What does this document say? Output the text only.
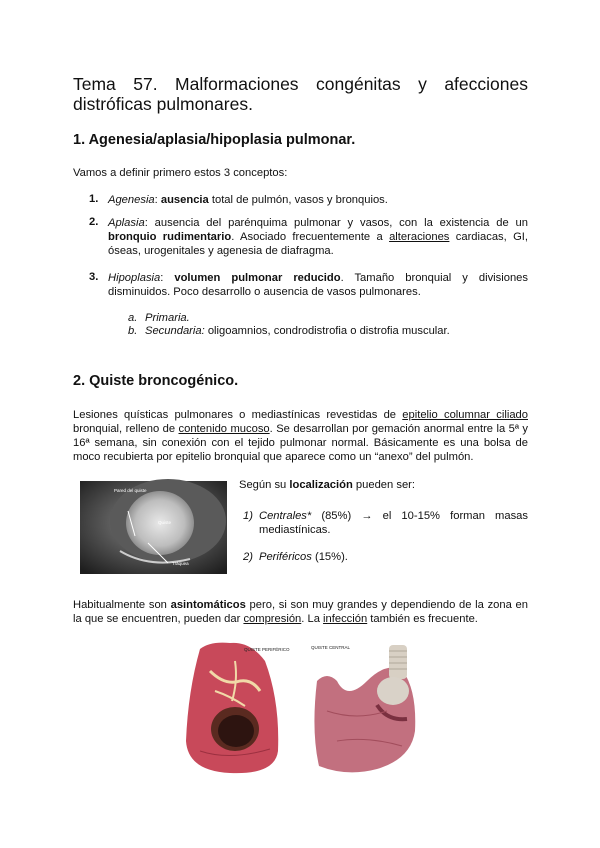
Tema 57. Malformaciones congénitas y afecciones distróficas pulmonares.
1. Agenesia/aplasia/hipoplasia pulmonar.
Vamos a definir primero estos 3 conceptos:
1. Agenesia: ausencia total de pulmón, vasos y bronquios.
2. Aplasia: ausencia del parénquima pulmonar y vasos, con la existencia de un bronquio rudimentario. Asociado frecuentemente a alteraciones cardiacas, GI, óseas, urogenitales y agenesia de diafragma.
3. Hipoplasia: volumen pulmonar reducido. Tamaño bronquial y divisiones disminuidos. Poco desarrollo o ausencia de vasos pulmonares.
a. Primaria.
b. Secundaria: oligoamnios, condrodistrofia o distrofia muscular.
2. Quiste broncogénico.
Lesiones quísticas pulmonares o mediastínicas revestidas de epitelio columnar ciliado bronquial, relleno de contenido mucoso. Se desarrollan por gemación anormal entre la 5ª y 16ª semana, sin conexión con el tejido pulmonar normal. Básicamente es una bolsa de moco recubierta por epitelio bronquial que aparece como un “anexo” del pulmón.
Pared del quiste
Quiste
Tráquea
Según su localización pueden ser:
1) Centrales* (85%) → el 10-15% forman masas mediastínicas.
2) Periféricos (15%).
Habitualmente son asintomáticos pero, si son muy grandes y dependiendo de la zona en la que se encuentren, pueden dar compresión. La infección también es frecuente.
QUISTE PERIFÉRICO	QUISTE CENTRAL
